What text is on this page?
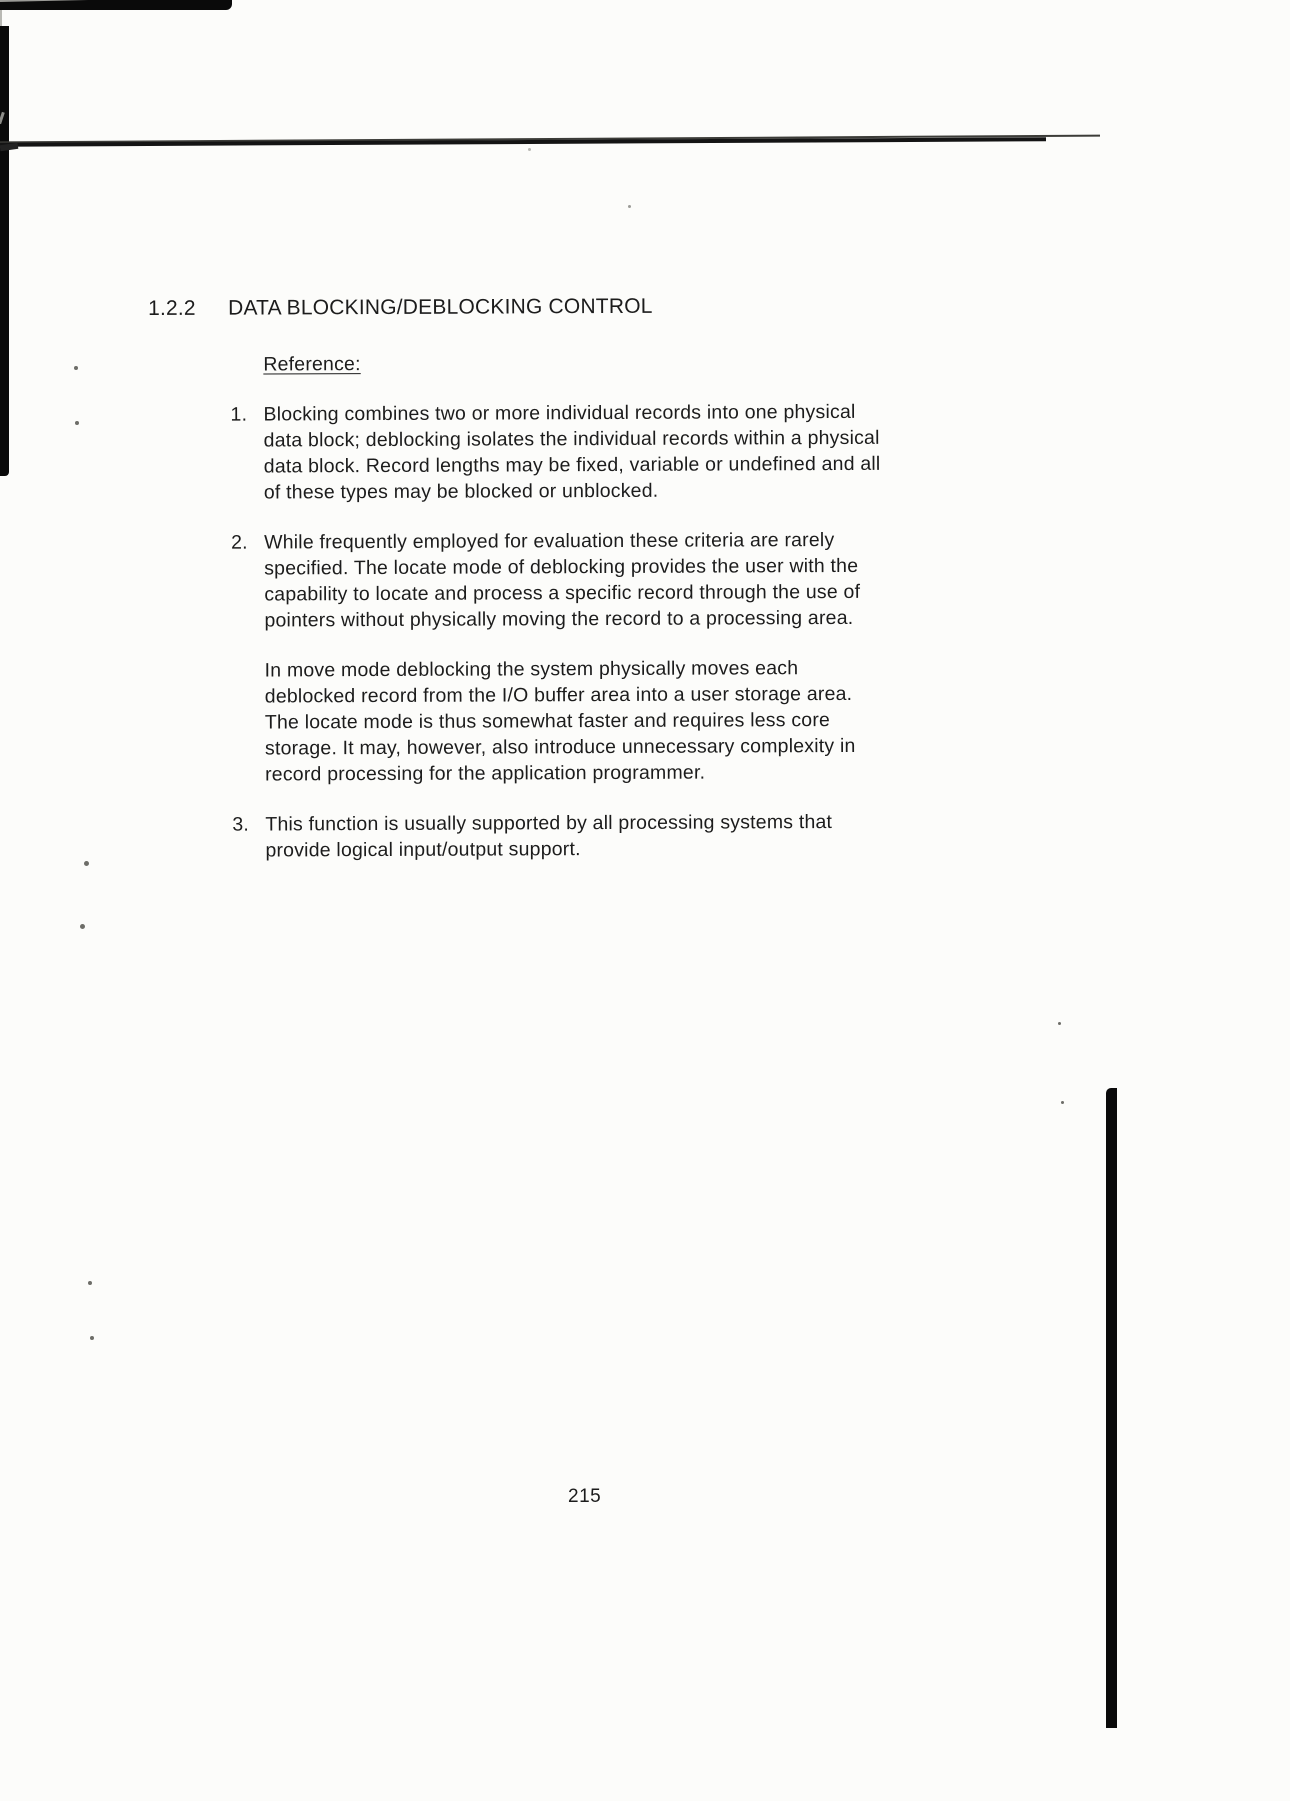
1.2.2	DATA BLOCKING/DEBLOCKING CONTROL
Reference:
1. Blocking combines two or more individual records into one physical data block; deblocking isolates the individual records within a physical data block. Record lengths may be fixed, variable or undefined and all of these types may be blocked or unblocked.

2. While frequently employed for evaluation these criteria are rarely specified. The locate mode of deblocking provides the user with the capability to locate and process a specific record through the use of pointers without physically moving the record to a processing area.

In move mode deblocking the system physically moves each deblocked record from the I/O buffer area into a user storage area. The locate mode is thus somewhat faster and requires less core storage. It may, however, also introduce unnecessary complexity in record processing for the application programmer.

3. This function is usually supported by all processing systems that provide logical input/output support.

215
